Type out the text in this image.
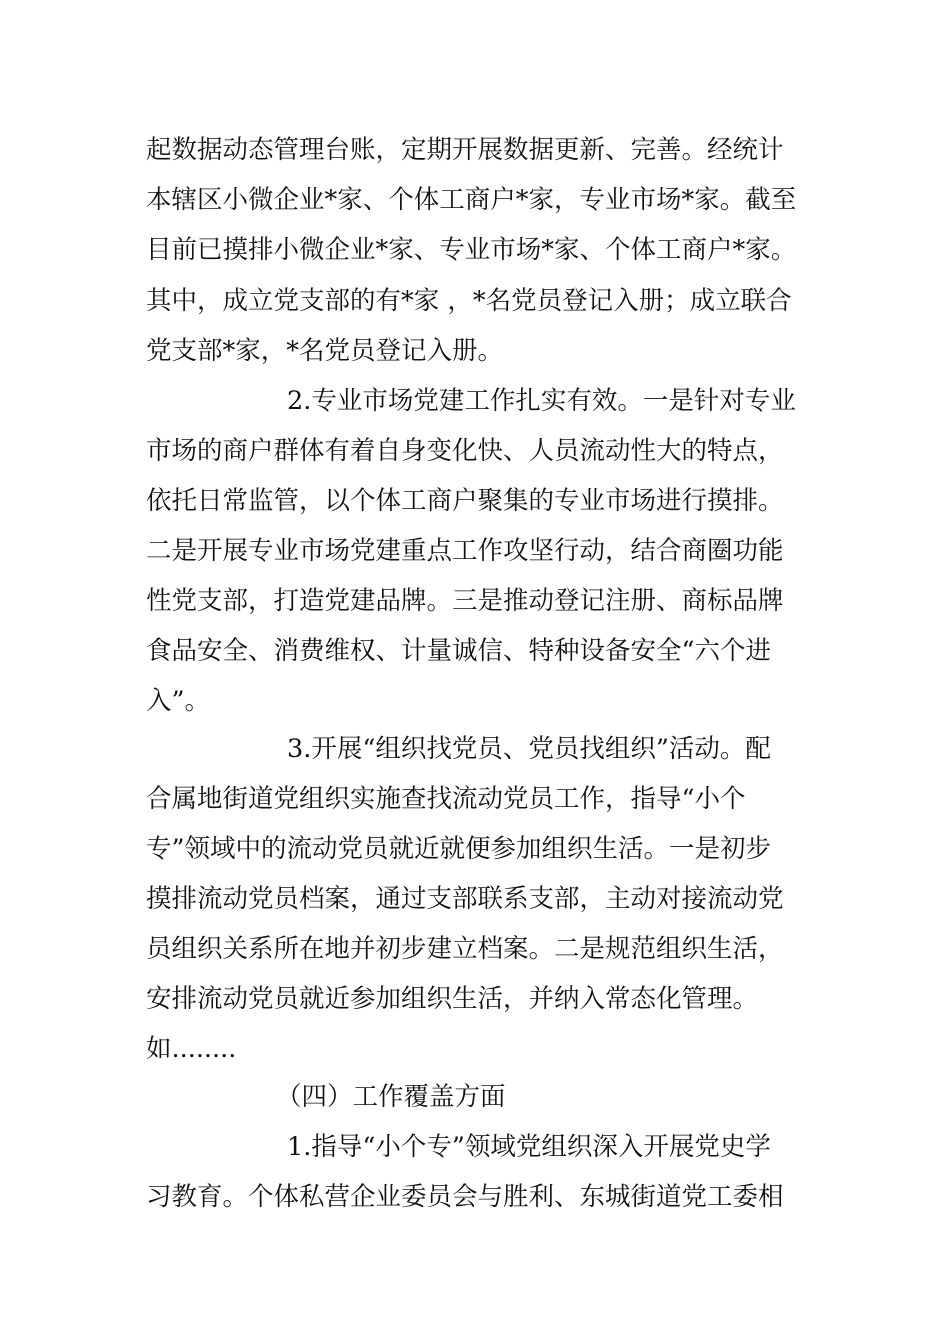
起数据动态管理台账，定期开展数据更新、完善。经统计
本辖区小微企业*家、个体工商户*家，专业市场*家。截至
目前已摸排小微企业*家、专业市场*家、个体工商户*家。
其中，成立党支部的有*家 ，*名党员登记入册；成立联合
党支部*家，*名党员登记入册。
2.专业市场党建工作扎实有效。一是针对专业
市场的商户群体有着自身变化快、人员流动性大的特点，
依托日常监管，以个体工商户聚集的专业市场进行摸排。
二是开展专业市场党建重点工作攻坚行动，结合商圈功能
性党支部，打造党建品牌。三是推动登记注册、商标品牌
食品安全、消费维权、计量诚信、特种设备安全“六个进
入”。
3.开展“组织找党员、党员找组织”活动。配
合属地街道党组织实施查找流动党员工作，指导“小个
专”领域中的流动党员就近就便参加组织生活。一是初步
摸排流动党员档案，通过支部联系支部，主动对接流动党
员组织关系所在地并初步建立档案。二是规范组织生活，
安排流动党员就近参加组织生活，并纳入常态化管理。
如........
（四）工作覆盖方面
1.指导“小个专”领域党组织深入开展党史学
习教育。个体私营企业委员会与胜利、东城街道党工委相
